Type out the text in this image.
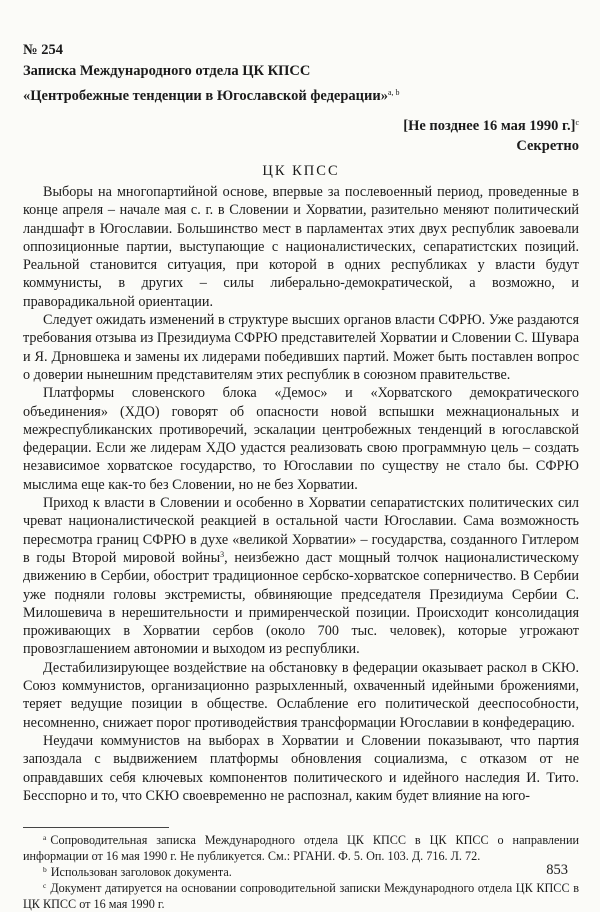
№ 254
Записка Международного отдела ЦК КПСС
«Центробежные тенденции в Югославской федерации»$^{a, b}$
[Не позднее 16 мая 1990 г.]$^c$
Секретно
ЦК КПСС

Выборы на многопартийной основе, впервые за послевоенный период, проведенные в конце апреля – начале мая с. г. в Словении и Хорватии, разительно меняют политический ландшафт в Югославии. Большинство мест в парламентах этих двух республик завоевали оппозиционные партии, выступающие с националистических, сепаратистских позиций. Реальной становится ситуация, при которой в одних республиках у власти будут коммунисты, в других – силы либерально-демократической, а возможно, и праворадикальной ориентации.

Следует ожидать изменений в структуре высших органов власти СФРЮ. Уже раздаются требования отзыва из Президиума СФРЮ представителей Хорватии и Словении С. Шувара и Я. Дрновшека и замены их лидерами победивших партий. Может быть поставлен вопрос о доверии нынешним представителям этих республик в союзном правительстве.

Платформы словенского блока «Демос» и «Хорватского демократического объединения» (ХДО) говорят об опасности новой вспышки межнациональных и межреспубликанских противоречий, эскалации центробежных тенденций в югославской федерации. Если же лидерам ХДО удастся реализовать свою программную цель – создать независимое хорватское государство, то Югославии по существу не стало бы. СФРЮ мыслима еще как-то без Словении, но не без Хорватии.

Приход к власти в Словении и особенно в Хорватии сепаратистских политических сил чреват националистической реакцией в остальной части Югославии. Сама возможность пересмотра границ СФРЮ в духе «великой Хорватии» – государства, созданного Гитлером в годы Второй мировой войны$^3$, неизбежно даст мощный толчок националистическому движению в Сербии, обострит традиционное сербско-хорватское соперничество. В Сербии уже подняли головы экстремисты, обвиняющие председателя Президиума Сербии С. Милошевича в нерешительности и примиренческой позиции. Происходит консолидация проживающих в Хорватии сербов (около 700 тыс. человек), которые угрожают провозглашением автономии и выходом из республики.

Дестабилизирующее воздействие на обстановку в федерации оказывает раскол в СКЮ. Союз коммунистов, организационно разрыхленный, охваченный идейными брожениями, теряет ведущие позиции в обществе. Ослабление его политической дееспособности, несомненно, снижает порог противодействия трансформации Югославии в конфедерацию.

Неудачи коммунистов на выборах в Хорватии и Словении показывают, что партия запоздала с выдвижением платформы обновления социализма, с отказом от не оправдавших себя ключевых компонентов политического и идейного наследия И. Тито. Бесспорно и то, что СКЮ своевременно не распознал, каким будет влияние на юго-

$^a$ Сопроводительная записка Международного отдела ЦК КПСС в ЦК КПСС о направлении информации от 16 мая 1990 г. Не публикуется. См.: РГАНИ. Ф. 5. Оп. 103. Д. 716. Л. 72.

$^b$ Использован заголовок документа.

$^c$ Документ датируется на основании сопроводительной записки Международного отдела ЦК КПСС в ЦК КПСС от 16 мая 1990 г.

853
